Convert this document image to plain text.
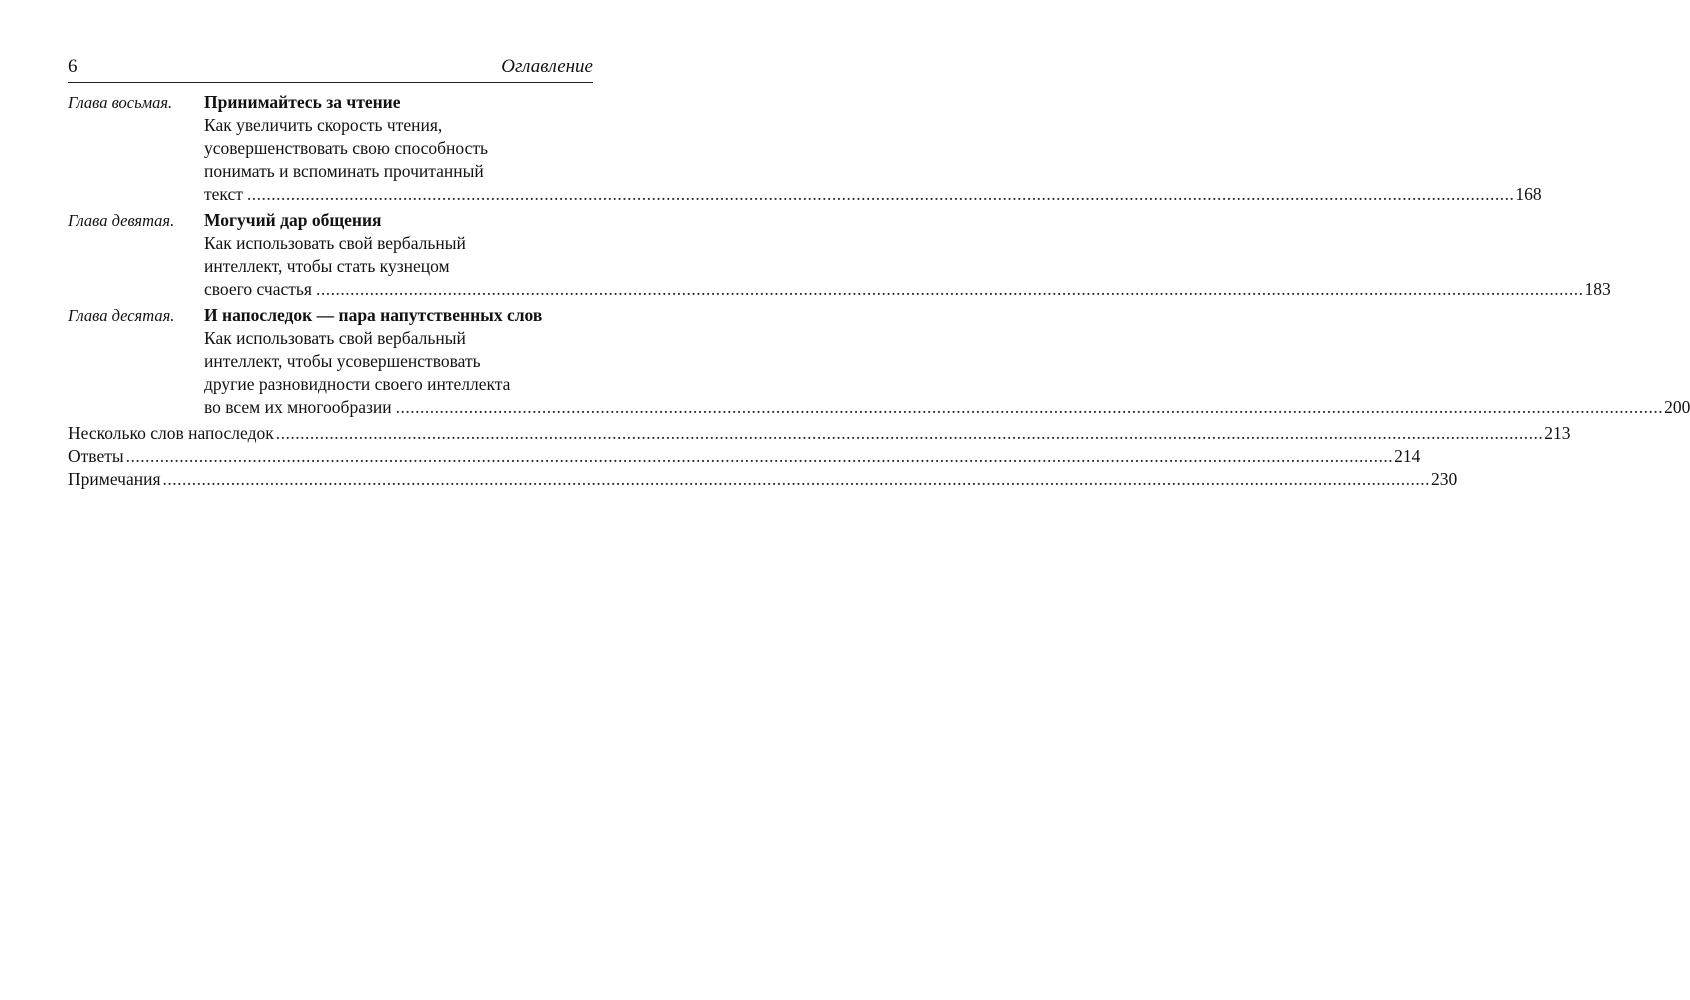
6	Оглавление
Глава восьмая.	Принимайтесь за чтение
Как увеличить скорость чтения,
усовершенствовать свою способность
понимать и вспоминать прочитанный
текст .....	168
Глава девятая.	Могучий дар общения
Как использовать свой вербальный
интеллект, чтобы стать кузнецом
своего счастья .....	183
Глава десятая.	И напоследок — пара напутственных слов
Как использовать свой вербальный
интеллект, чтобы усовершенствовать
другие разновидности своего интеллекта
во всем их многообразии .....	200
Несколько слов напоследок .....	213
Ответы .....	214
Примечания .....	230
